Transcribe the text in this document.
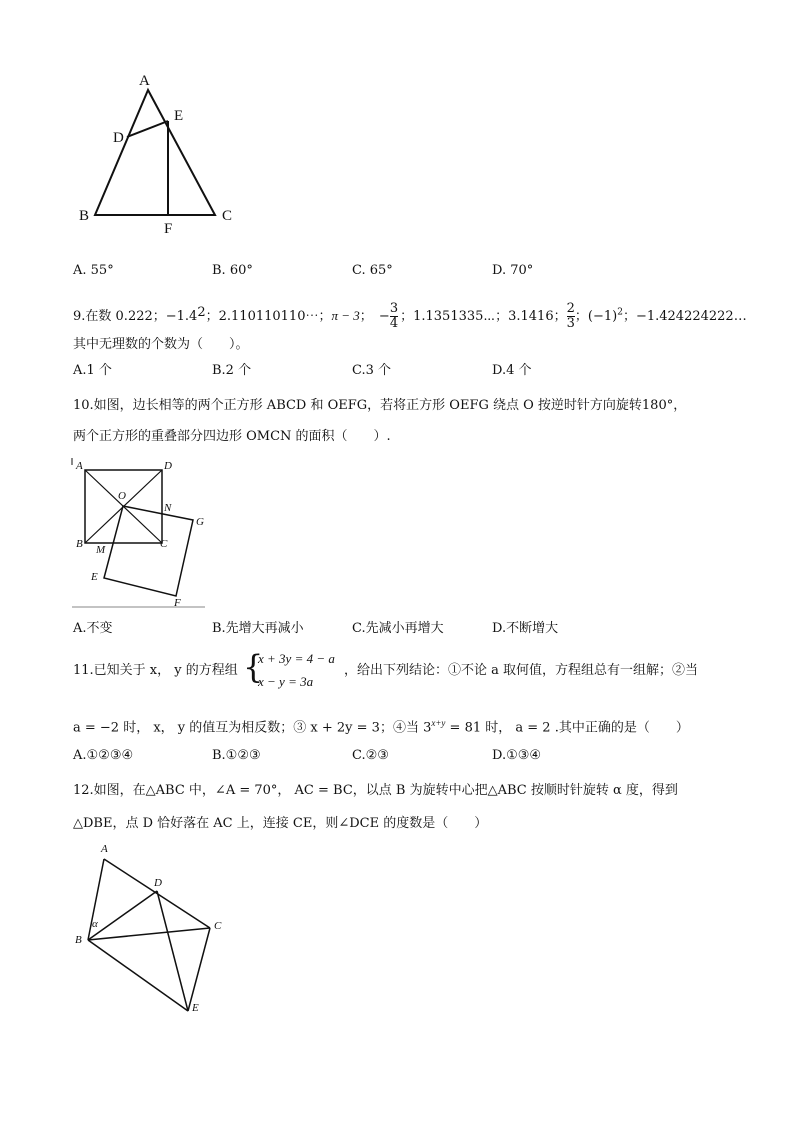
A
D
E
B	C
F
A. 55°	B. 60°	C. 65°	D. 70°
9.在数 0.222；−1.42；2.110110110⋯；π − 3； − $\frac{3}{4}$ ；1.1351335⋯；3.1416； $\frac{2}{3}$ ；$(-1)^2$；−1.424224222…
其中无理数的个数为（　　）。
A.1 个	B.2 个	C.3 个	D.4 个
10.如图，边长相等的两个正方形 ABCD 和 OEFG，若将正方形 OEFG 绕点 O 按逆时针方向旋转180°，
两个正方形的重叠部分四边形 OMCN 的面积（　　）.
A	D
O
N
G
B M	C
E
F
A.不变	B.先增大再减小	C.先减小再增大	D.不断增大
11.已知关于 x， y 的方程组 {
x + 3y = 4 − a
x − y = 3a
，给出下列结论：①不论 a 取何值，方程组总有一组解；②当
a = −2 时， x， y 的值互为相反数；③ x + 2y = 3；④当 $3^{x+y} = 81$ 时， a = 2 .其中正确的是（　　）
A.①②③④	B.①②③	C.②③	D.①③④
12.如图，在△ABC 中，∠A = 70°， AC = BC，以点 B 为旋转中心把△ABC 按顺时针旋转 α 度，得到
△DBE，点 D 恰好落在 AC 上，连接 CE，则∠DCE 的度数是（　　）
A
D
C
B
E
α
